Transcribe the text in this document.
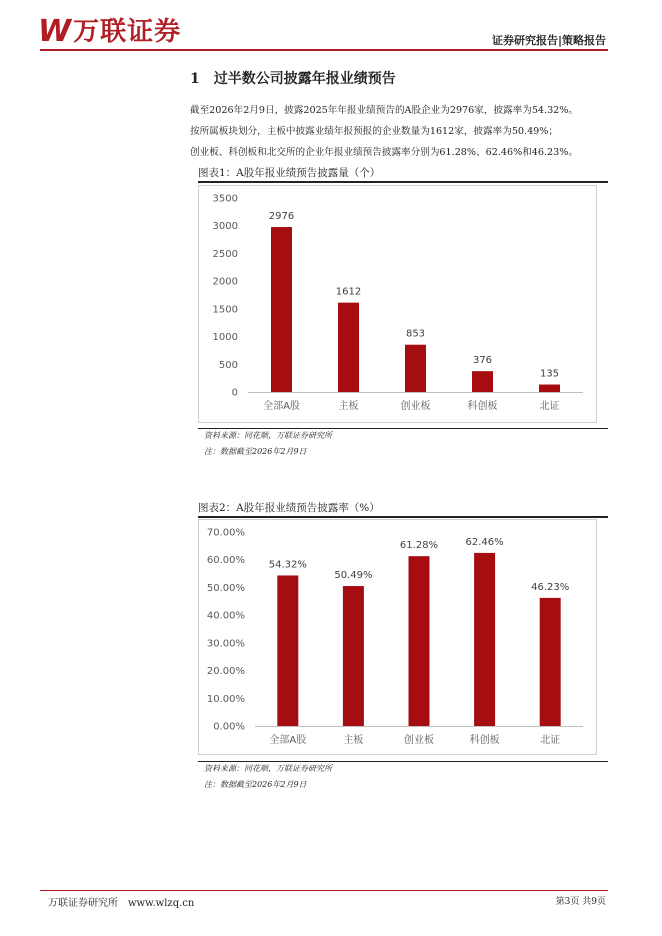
W 万联证券	证券研究报告|策略报告
1 过半数公司披露年报业绩预告
截至2026年2月9日，披露2025年年报业绩预告的A股企业为2976家，披露率为54.32%。
按所属板块划分，主板中披露业绩年报预报的企业数量为1612家，披露率为50.49%；
创业板、科创板和北交所的企业年报业绩预告披露率分别为61.28%、62.46%和46.23%。
图表1：A股年报业绩预告披露量（个）
0
500
1000
1500
2000
2500
3000
3500
2976
全部A股
1612
主板
853
创业板
376
科创板
135
北证
资料来源：同花顺，万联证券研究所
注：数据截至2026年2月9日
图表2：A股年报业绩预告披露率（%）
0.00%
10.00%
20.00%
30.00%
40.00%
50.00%
60.00%
70.00%
54.32%
全部A股
50.49%
主板
61.28%
创业板
62.46%
科创板
46.23%
北证
资料来源：同花顺，万联证券研究所
注：数据截至2026年2月9日
万联证券研究所 www.wlzq.cn	第3页 共9页
